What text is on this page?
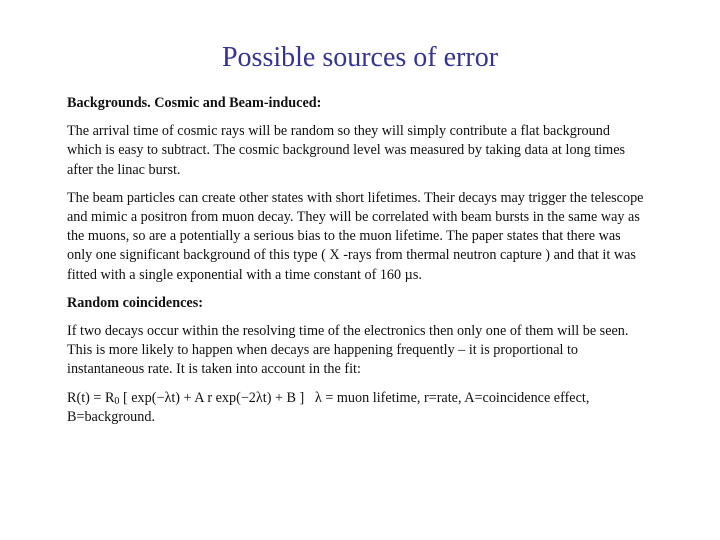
Possible sources of error

Backgrounds. Cosmic and Beam-induced:

The arrival time of cosmic rays will be random so they will simply contribute a flat background which is easy to subtract. The cosmic background level was measured by taking data at long times after the linac burst.

The beam particles can create other states with short lifetimes. Their decays may trigger the telescope and mimic a positron from muon decay. They will be correlated with beam bursts in the same way as the muons, so are a potentially a serious bias to the muon lifetime. The paper states that there was only one significant background of this type ( X -rays from thermal neutron capture ) and that it was fitted with a single exponential with a time constant of 160 µs.

Random coincidences:

If two decays occur within the resolving time of the electronics then only one of them will be seen. This is more likely to happen when decays are happening frequently – it is proportional to instantaneous rate. It is taken into account in the fit:

$R(t) = R_0$ [ exp(−λt) + A r exp(−2λt) + B ] λ = muon lifetime, r=rate, A=coincidence effect, B=background.
